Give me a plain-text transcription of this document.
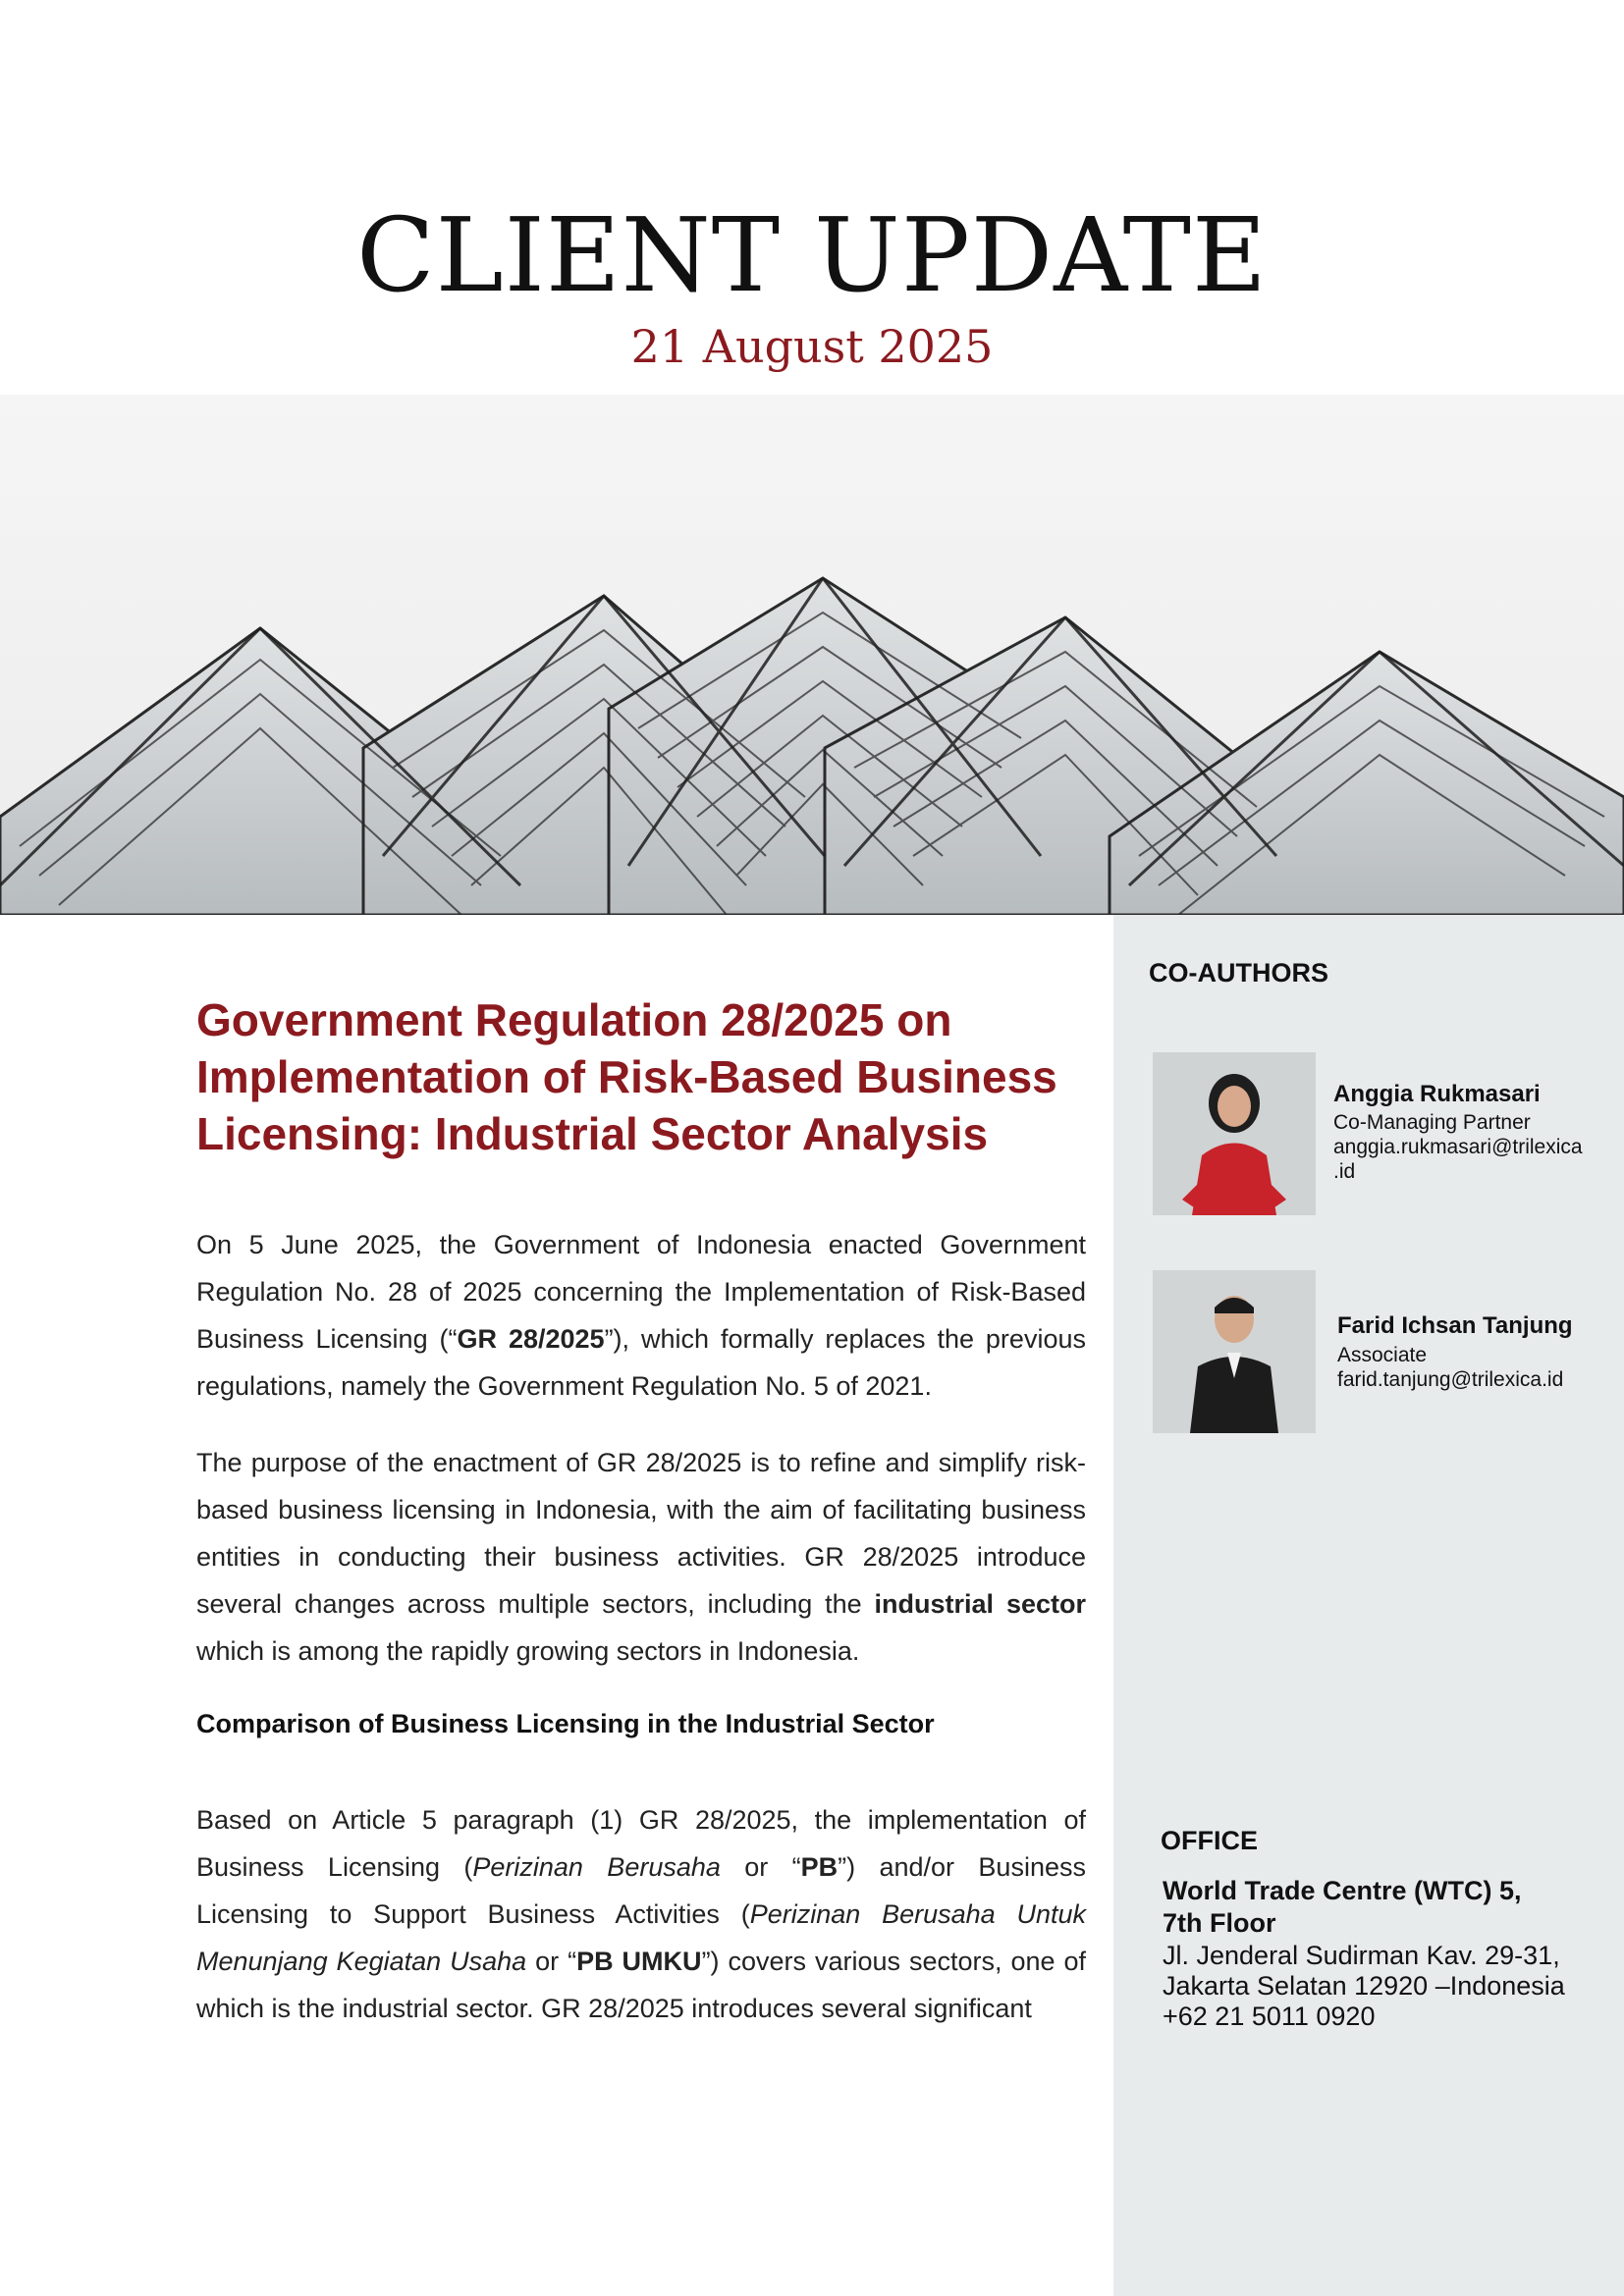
CLIENT UPDATE
21 August 2025
Government Regulation 28/2025 on Implementation of Risk-Based Business Licensing: Industrial Sector Analysis

On 5 June 2025, the Government of Indonesia enacted Government Regulation No. 28 of 2025 concerning the Implementation of Risk-Based Business Licensing (“GR 28/2025”), which formally replaces the previous regulations, namely the Government Regulation No. 5 of 2021.

The purpose of the enactment of GR 28/2025 is to refine and simplify risk-based business licensing in Indonesia, with the aim of facilitating business entities in conducting their business activities. GR 28/2025 introduce several changes across multiple sectors, including the industrial sector which is among the rapidly growing sectors in Indonesia.

Comparison of Business Licensing in the Industrial Sector

Based on Article 5 paragraph (1) GR 28/2025, the implementation of Business Licensing (Perizinan Berusaha or “PB”) and/or Business Licensing to Support Business Activities (Perizinan Berusaha Untuk Menunjang Kegiatan Usaha or “PB UMKU”) covers various sectors, one of which is the industrial sector. GR 28/2025 introduces several significant

CO-AUTHORS
Anggia Rukmasari
Co-Managing Partner
anggia.rukmasari@trilexica
.id
Farid Ichsan Tanjung
Associate
farid.tanjung@trilexica.id
OFFICE
World Trade Centre (WTC) 5,
7th Floor
Jl. Jenderal Sudirman Kav. 29-31,
Jakarta Selatan 12920 –Indonesia
+62 21 5011 0920
